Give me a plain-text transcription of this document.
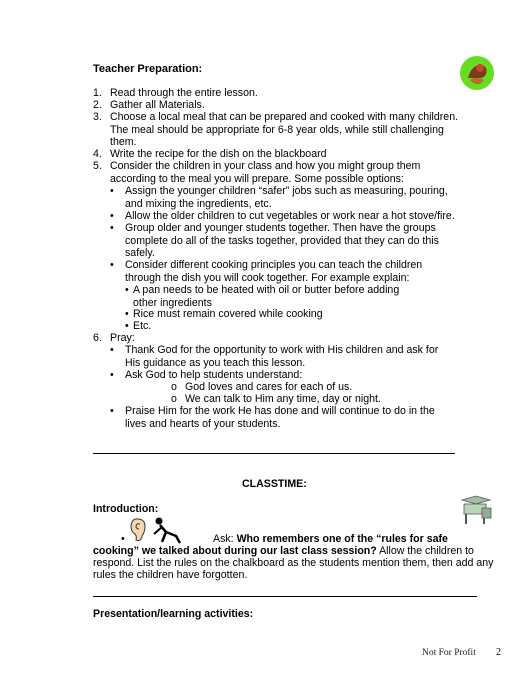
Teacher Preparation:
1. Read through the entire lesson.
2. Gather all Materials.
3. Choose a local meal that can be prepared and cooked with many children. The meal should be appropriate for 6-8 year olds, while still challenging them.
4. Write the recipe for the dish on the blackboard
5. Consider the children in your class and how you might group them according to the meal you will prepare. Some possible options:
•	Assign the younger children “safer” jobs such as measuring, pouring, and mixing the ingredients, etc.
•	Allow the older children to cut vegetables or work near a hot stove/fire.
•	Group older and younger students together. Then have the groups complete do all of the tasks together, provided that they can do this safely.
•	Consider different cooking principles you can teach the children through the dish you will cook together. For example explain:
• A pan needs to be heated with oil or butter before adding other ingredients
• Rice must remain covered while cooking
• Etc.
6. Pray:
•	Thank God for the opportunity to work with His children and ask for His guidance as you teach this lesson.
•	Ask God to help students understand:
o God loves and cares for each of us.
o We can talk to Him any time, day or night.
•	Praise Him for the work He has done and will continue to do in the lives and hearts of your students.
CLASSTIME:
Introduction:
•	Ask: Who remembers one of the “rules for safe
cooking” we talked about during our last class session? Allow the children to
respond. List the rules on the chalkboard as the students mention them, then add any
rules the children have forgotten.
Presentation/learning activities:
Not For Profit 2
